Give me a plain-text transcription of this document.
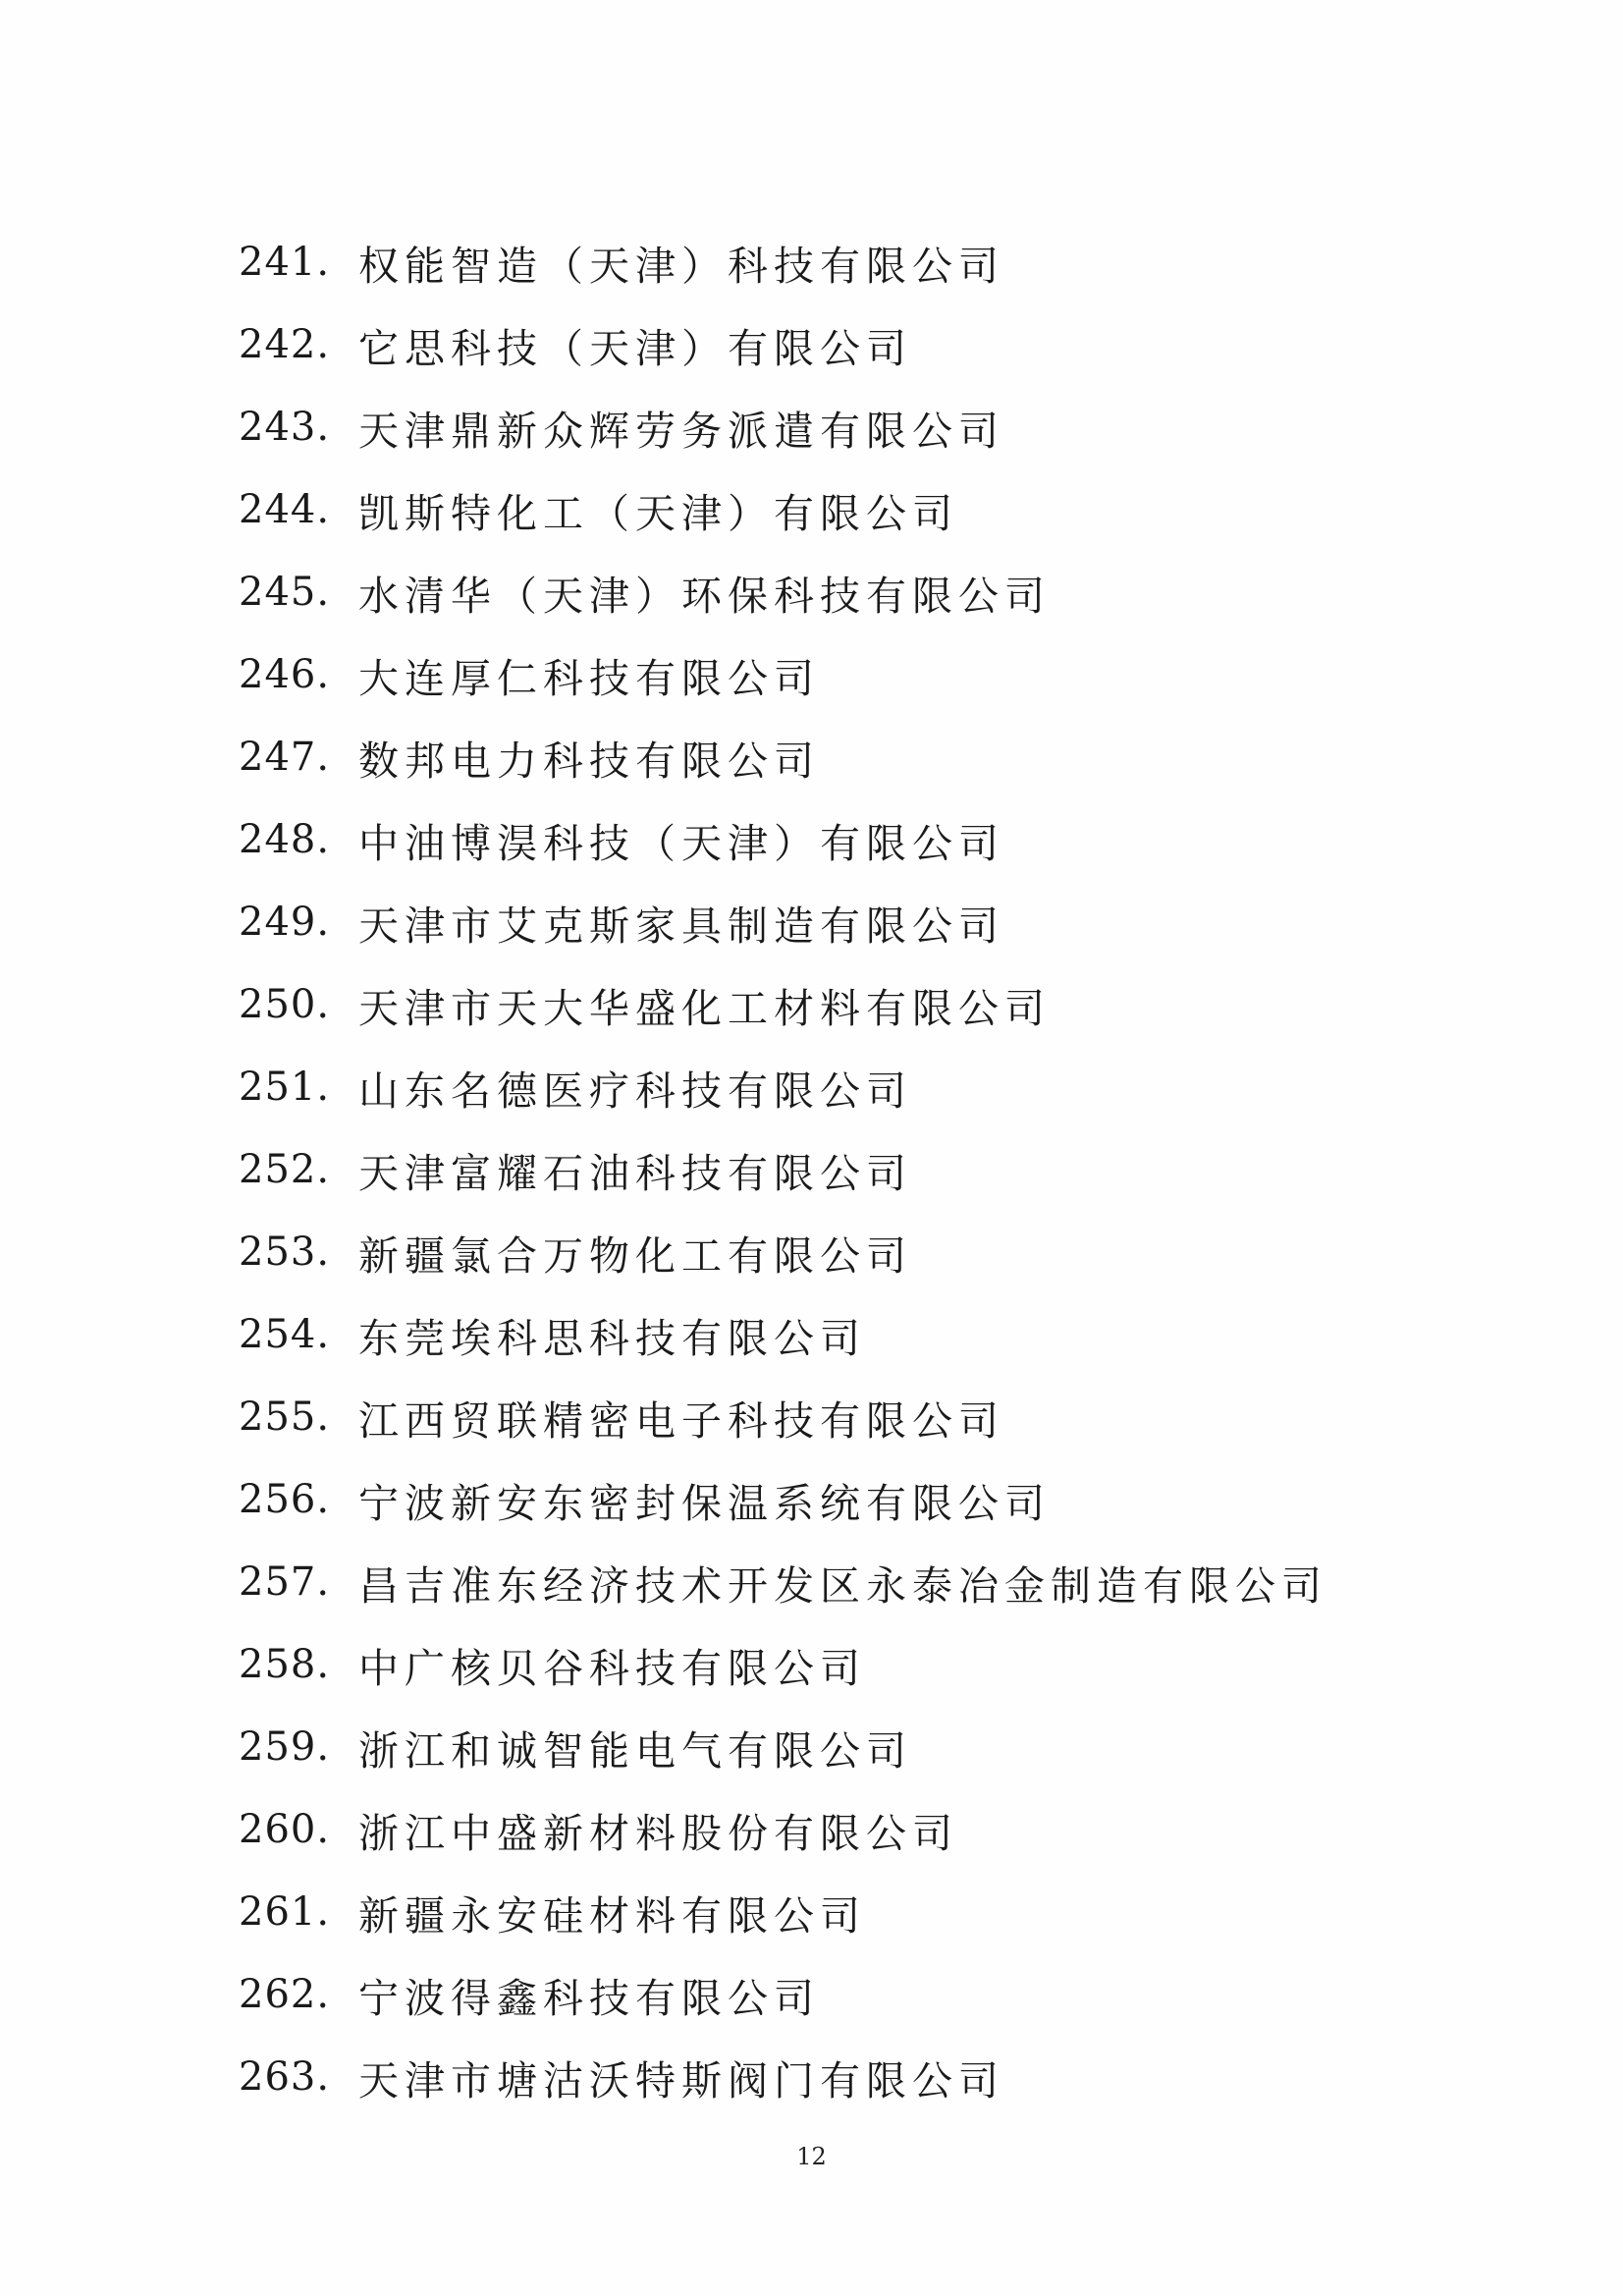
241. 权能智造（天津）科技有限公司
242. 它思科技（天津）有限公司
243. 天津鼎新众辉劳务派遣有限公司
244. 凯斯特化工（天津）有限公司
245. 水清华（天津）环保科技有限公司
246. 大连厚仁科技有限公司
247. 数邦电力科技有限公司
248. 中油博淏科技（天津）有限公司
249. 天津市艾克斯家具制造有限公司
250. 天津市天大华盛化工材料有限公司
251. 山东名德医疗科技有限公司
252. 天津富耀石油科技有限公司
253. 新疆氯合万物化工有限公司
254. 东莞埃科思科技有限公司
255. 江西贸联精密电子科技有限公司
256. 宁波新安东密封保温系统有限公司
257. 昌吉准东经济技术开发区永泰冶金制造有限公司
258. 中广核贝谷科技有限公司
259. 浙江和诚智能电气有限公司
260. 浙江中盛新材料股份有限公司
261. 新疆永安硅材料有限公司
262. 宁波得鑫科技有限公司
263. 天津市塘沽沃特斯阀门有限公司
12
